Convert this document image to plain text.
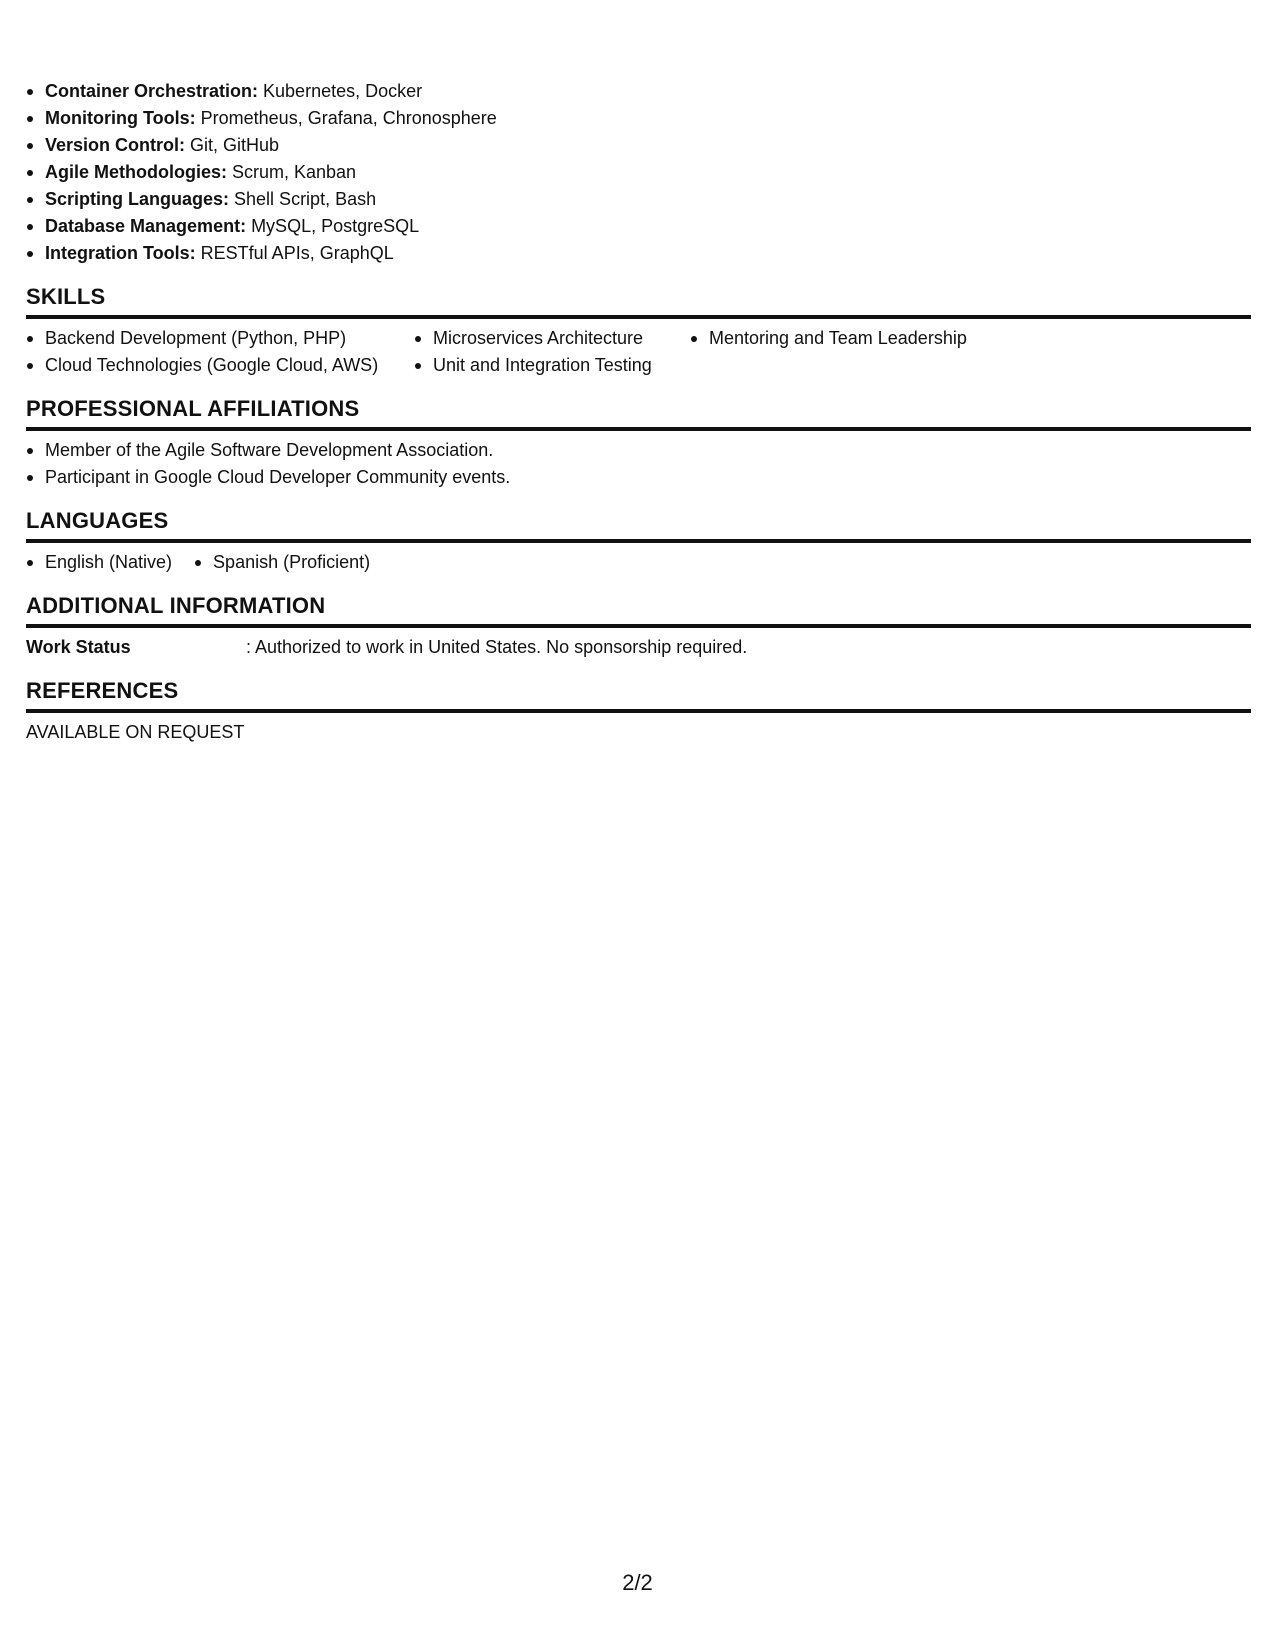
Container Orchestration: Kubernetes, Docker
Monitoring Tools: Prometheus, Grafana, Chronosphere
Version Control: Git, GitHub
Agile Methodologies: Scrum, Kanban
Scripting Languages: Shell Script, Bash
Database Management: MySQL, PostgreSQL
Integration Tools: RESTful APIs, GraphQL
SKILLS
Backend Development (Python, PHP)
Cloud Technologies (Google Cloud, AWS)
Microservices Architecture
Unit and Integration Testing
Mentoring and Team Leadership
PROFESSIONAL AFFILIATIONS
Member of the Agile Software Development Association.
Participant in Google Cloud Developer Community events.
LANGUAGES
English (Native)	Spanish (Proficient)
ADDITIONAL INFORMATION
Work Status	: Authorized to work in United States. No sponsorship required.
REFERENCES
AVAILABLE ON REQUEST
2/2
